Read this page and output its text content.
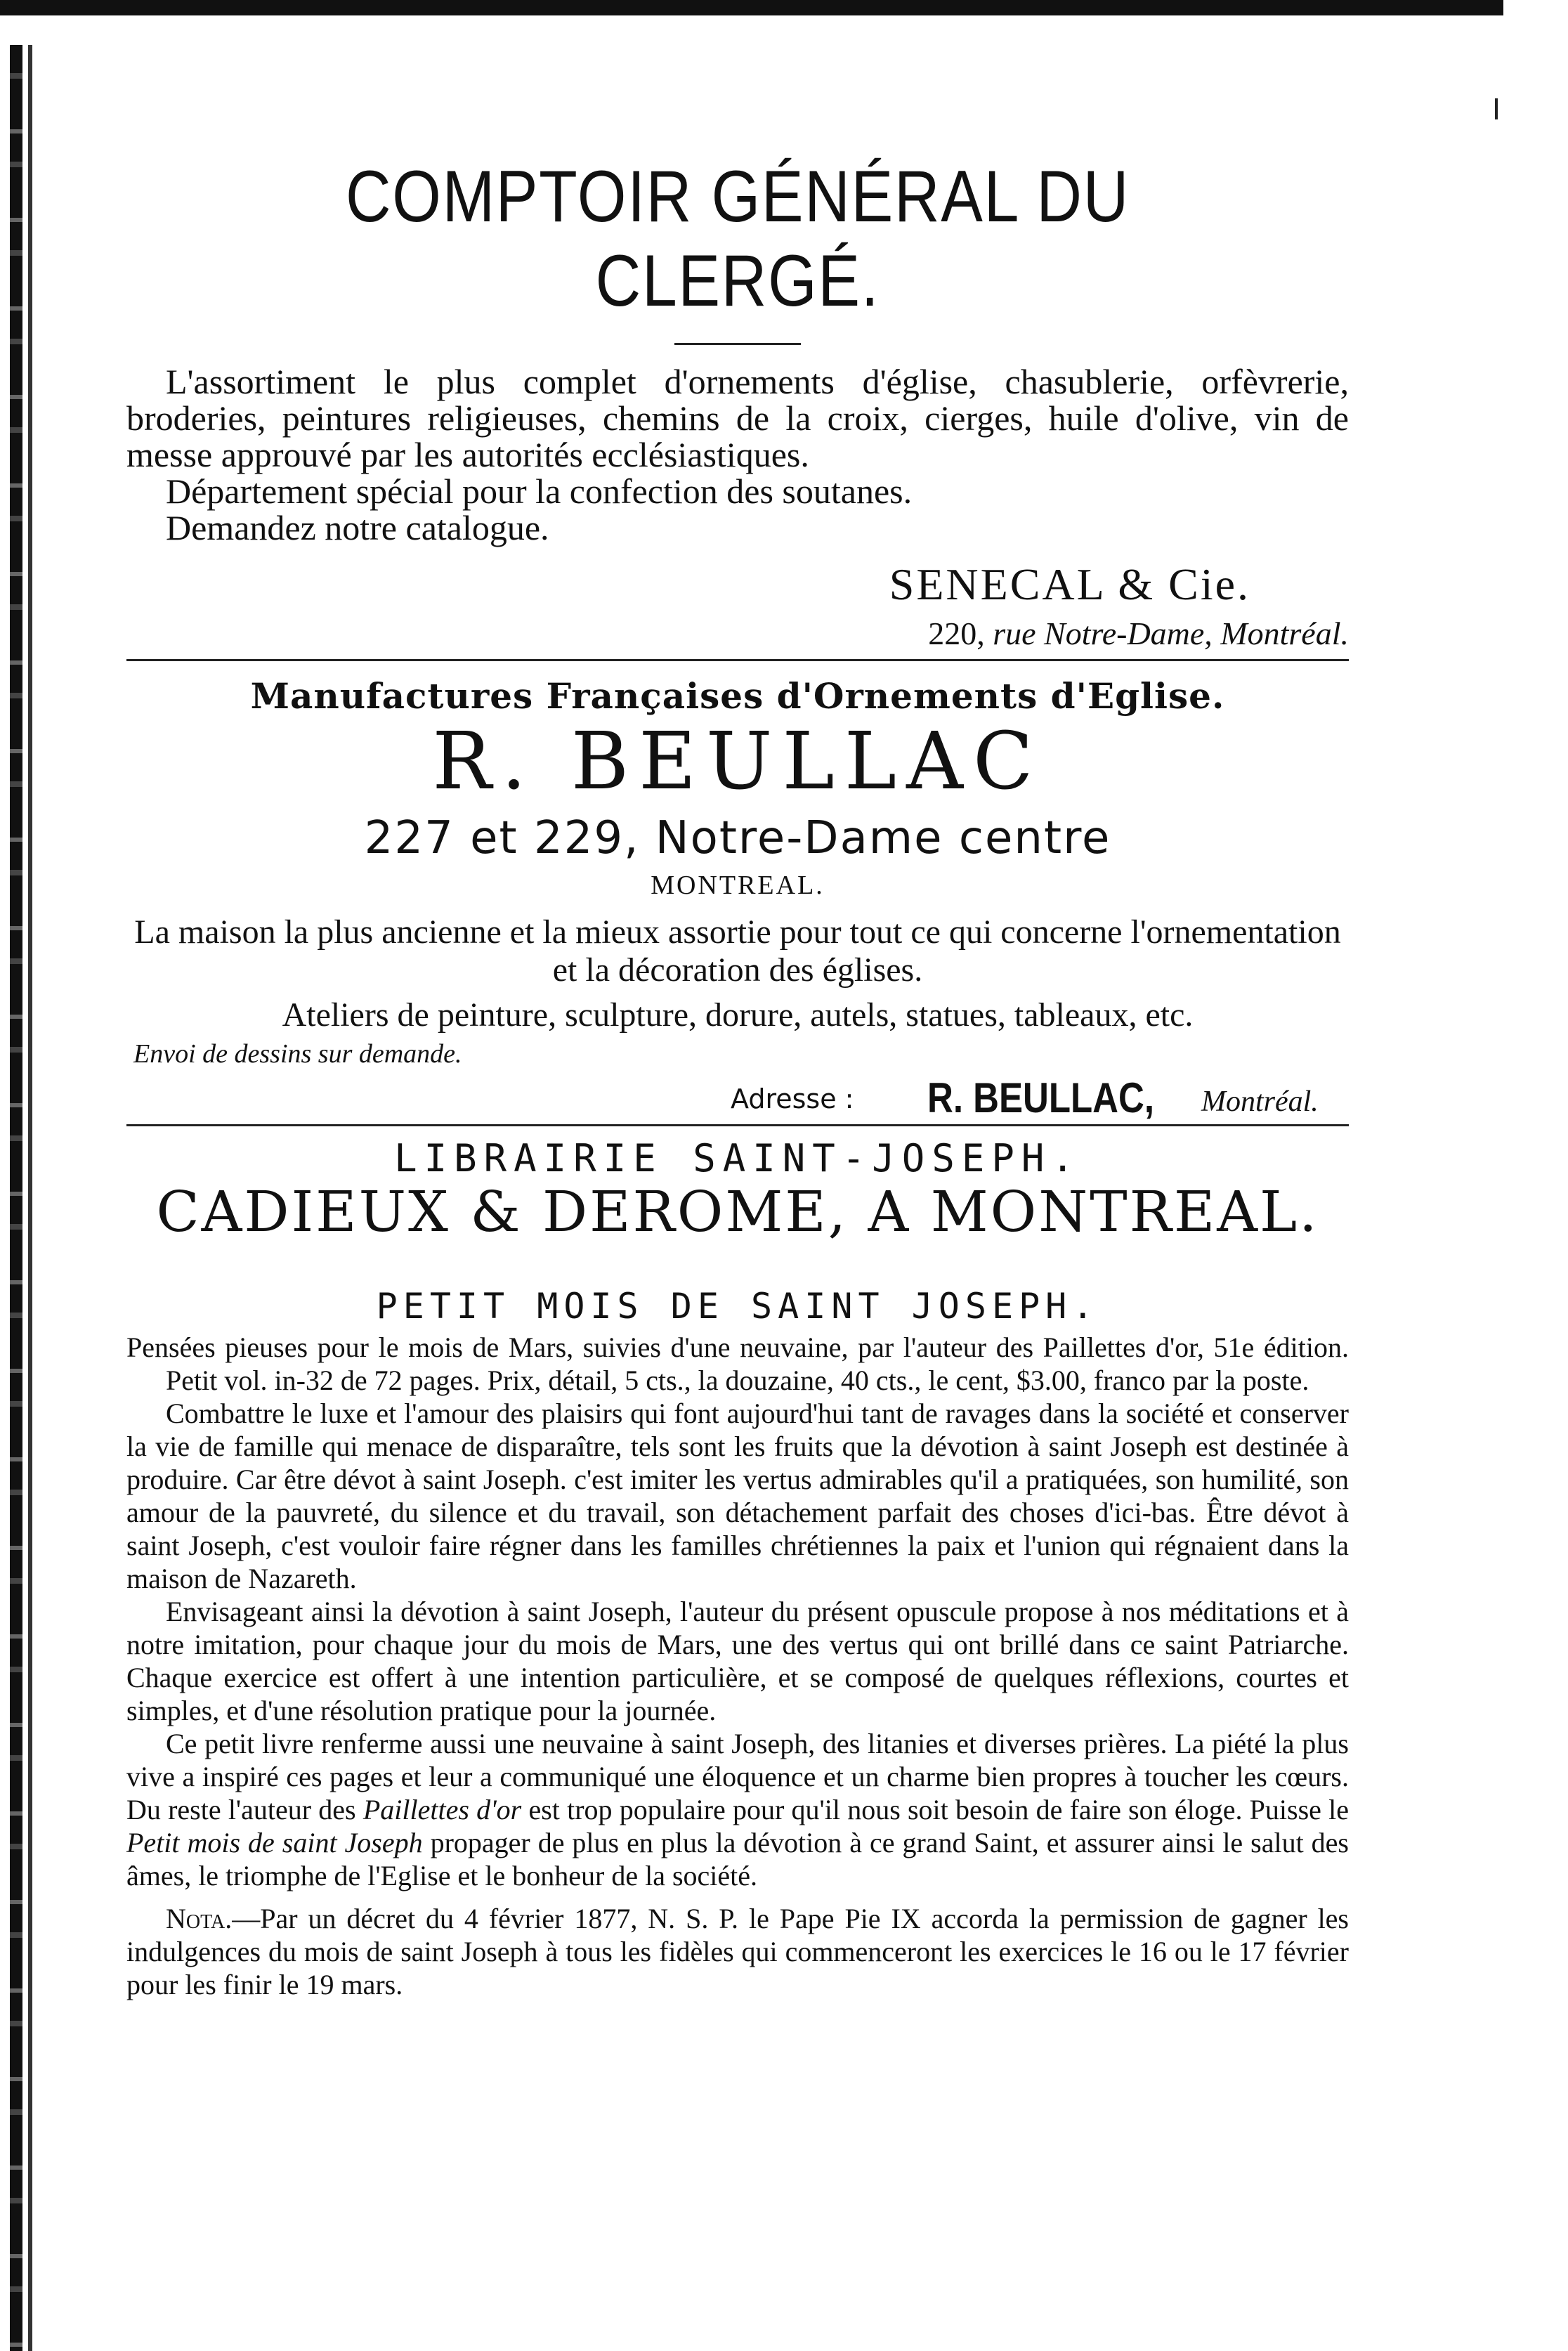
COMPTOIR GÉNÉRAL DU CLERGÉ.

L'assortiment le plus complet d'ornements d'église, chasublerie, orfèvrerie, broderies, peintures religieuses, chemins de la croix, cierges, huile d'olive, vin de messe approuvé par les autorités ecclésiastiques.

Département spécial pour la confection des soutanes.

Demandez notre catalogue.

SENECAL & Cie.

220, rue Notre-Dame, Montréal.

Manufactures Françaises d'Ornements d'Eglise.

R. BEULLAC

227 et 229, Notre-Dame centre

MONTREAL.

La maison la plus ancienne et la mieux assortie pour tout ce qui concerne l'ornementation et la décoration des églises.

Ateliers de peinture, sculpture, dorure, autels, statues, tableaux, etc.

Envoi de dessins sur demande.

Adresse : R. BEULLAC, Montréal.

LIBRAIRIE SAINT-JOSEPH.

CADIEUX & DEROME, A MONTREAL.

PETIT MOIS DE SAINT JOSEPH.

Pensées pieuses pour le mois de Mars, suivies d'une neuvaine, par l'auteur des Paillettes d'or, 51e édition. Petit vol. in-32 de 72 pages. Prix, détail, 5 cts., la douzaine, 40 cts., le cent, $3.00, franco par la poste.

Combattre le luxe et l'amour des plaisirs qui font aujourd'hui tant de ravages dans la société et conserver la vie de famille qui menace de disparaître, tels sont les fruits que la dévotion à saint Joseph est destinée à produire. Car être dévot à saint Joseph. c'est imiter les vertus admirables qu'il a pratiquées, son humilité, son amour de la pauvreté, du silence et du travail, son détachement parfait des choses d'ici-bas. Être dévot à saint Joseph, c'est vouloir faire régner dans les familles chrétiennes la paix et l'union qui régnaient dans la maison de Nazareth.

Envisageant ainsi la dévotion à saint Joseph, l'auteur du présent opuscule propose à nos méditations et à notre imitation, pour chaque jour du mois de Mars, une des vertus qui ont brillé dans ce saint Patriarche. Chaque exercice est offert à une intention particulière, et se composé de quelques réflexions, courtes et simples, et d'une résolution pratique pour la journée.

Ce petit livre renferme aussi une neuvaine à saint Joseph, des litanies et diverses prières. La piété la plus vive a inspiré ces pages et leur a communiqué une éloquence et un charme bien propres à toucher les cœurs. Du reste l'auteur des Paillettes d'or est trop populaire pour qu'il nous soit besoin de faire son éloge. Puisse le Petit mois de saint Joseph propager de plus en plus la dévotion à ce grand Saint, et assurer ainsi le salut des âmes, le triomphe de l'Eglise et le bonheur de la société.

Nota.—Par un décret du 4 février 1877, N. S. P. le Pape Pie IX accorda la permission de gagner les indulgences du mois de saint Joseph à tous les fidèles qui commenceront les exercices le 16 ou le 17 février pour les finir le 19 mars.
